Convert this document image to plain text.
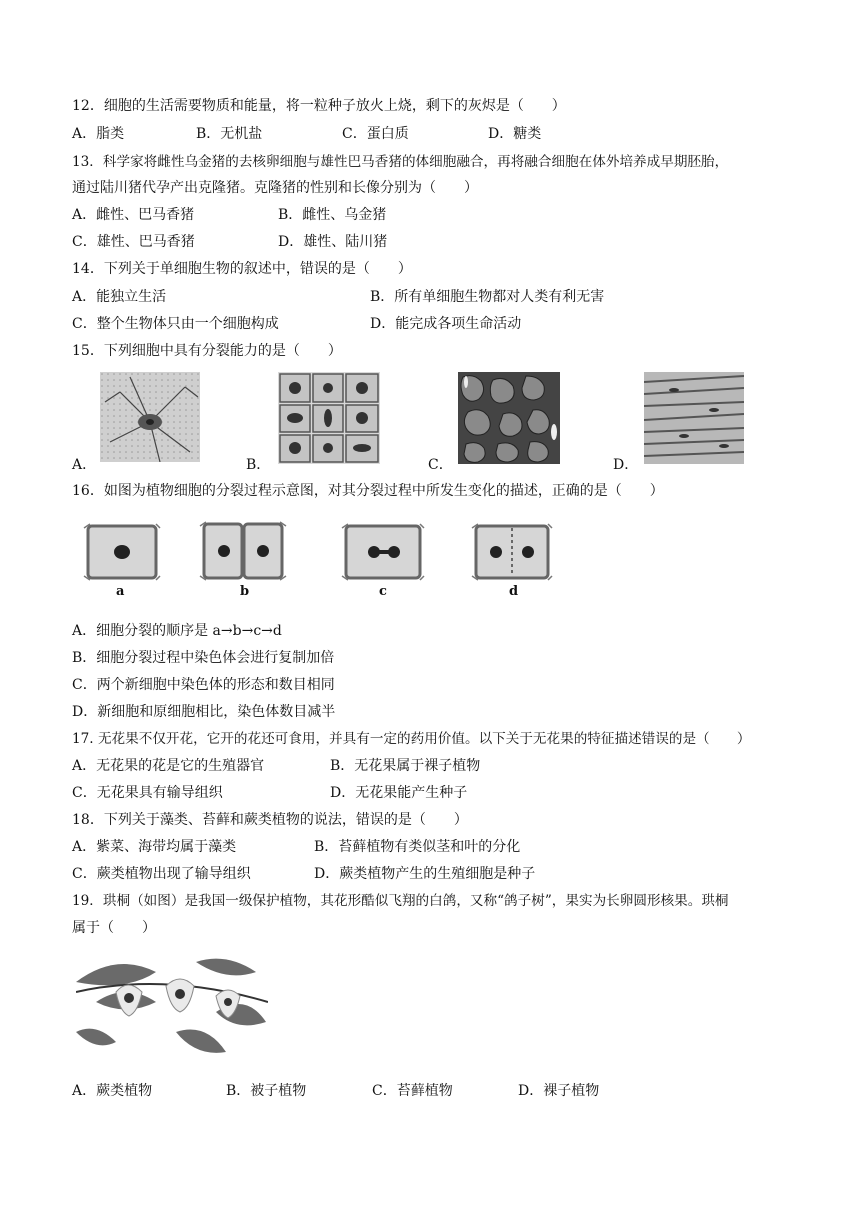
12．细胞的生活需要物质和能量，将一粒种子放火上烧，剩下的灰烬是（　　）
A．脂类	B．无机盐	C．蛋白质	D．糖类
13．科学家将雌性乌金猪的去核卵细胞与雄性巴马香猪的体细胞融合，再将融合细胞在体外培养成早期胚胎，
通过陆川猪代孕产出克隆猪。克隆猪的性别和长像分别为（　　）
A．雌性、巴马香猪	B．雌性、乌金猪
C．雄性、巴马香猪	D．雄性、陆川猪
14．下列关于单细胞生物的叙述中，错误的是（　　）
A．能独立生活	B．所有单细胞生物都对人类有利无害
C．整个生物体只由一个细胞构成	D．能完成各项生命活动
15．下列细胞中具有分裂能力的是（　　）
A．	B．	C．	D．
16．如图为植物细胞的分裂过程示意图，对其分裂过程中所发生变化的描述，正确的是（　　）
a	b	c	d
A．细胞分裂的顺序是 a→b→c→d
B．细胞分裂过程中染色体会进行复制加倍
C．两个新细胞中染色体的形态和数目相同
D．新细胞和原细胞相比，染色体数目减半
17. 无花果不仅开花，它开的花还可食用，并具有一定的药用价值。以下关于无花果的特征描述错误的是（　　）
A．无花果的花是它的生殖器官	B．无花果属于裸子植物
C．无花果具有输导组织	D．无花果能产生种子
18．下列关于藻类、苔藓和蕨类植物的说法，错误的是（　　）
A．紫菜、海带均属于藻类	B．苔藓植物有类似茎和叶的分化
C．蕨类植物出现了输导组织	D．蕨类植物产生的生殖细胞是种子
19．珙桐（如图）是我国一级保护植物，其花形酷似飞翔的白鸽，又称“鸽子树”，果实为长卵圆形核果。珙桐
属于（　　）
A．蕨类植物	B．被子植物	C．苔藓植物	D．裸子植物
